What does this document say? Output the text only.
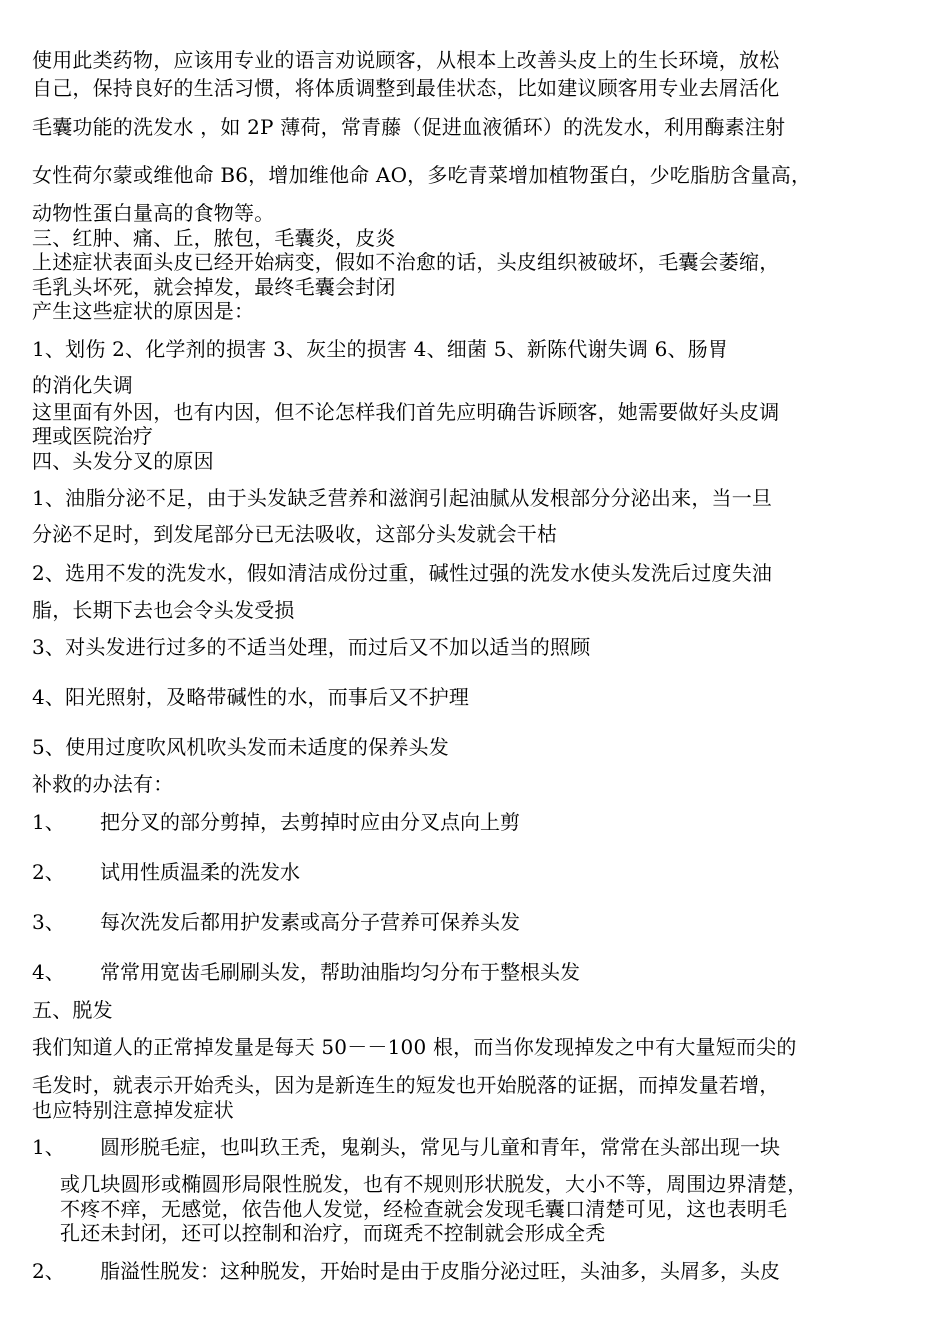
使用此类药物，应该用专业的语言劝说顾客，从根本上改善头皮上的生长环境，放松
自己，保持良好的生活习惯，将体质调整到最佳状态，比如建议顾客用专业去屑活化
毛囊功能的洗发水 ，如 2P 薄荷，常青藤（促进血液循环）的洗发水，利用酶素注射
女性荷尔蒙或维他命 B6，增加维他命 AO，多吃青菜增加植物蛋白，少吃脂肪含量高，
动物性蛋白量高的食物等。
三、红肿、痛、丘，脓包，毛囊炎，皮炎
上述症状表面头皮已经开始病变，假如不治愈的话，头皮组织被破坏，毛囊会萎缩，
毛乳头坏死，就会掉发，最终毛囊会封闭
产生这些症状的原因是：
1、划伤 2、化学剂的损害 3、灰尘的损害 4、细菌 5、新陈代谢失调 6、肠胃
的消化失调
这里面有外因，也有内因，但不论怎样我们首先应明确告诉顾客，她需要做好头皮调
理或医院治疗
四、头发分叉的原因
1、油脂分泌不足，由于头发缺乏营养和滋润引起油腻从发根部分分泌出来，当一旦
分泌不足时，到发尾部分已无法吸收，这部分头发就会干枯
2、选用不发的洗发水，假如清洁成份过重，碱性过强的洗发水使头发洗后过度失油
脂，长期下去也会令头发受损
3、对头发进行过多的不适当处理，而过后又不加以适当的照顾
4、阳光照射，及略带碱性的水，而事后又不护理
5、使用过度吹风机吹头发而未适度的保养头发
补救的办法有：
1、 把分叉的部分剪掉，去剪掉时应由分叉点向上剪
2、 试用性质温柔的洗发水
3、 每次洗发后都用护发素或高分子营养可保养头发
4、 常常用宽齿毛刷刷头发，帮助油脂均匀分布于整根头发
五、脱发
我们知道人的正常掉发量是每天 50－－100 根，而当你发现掉发之中有大量短而尖的
毛发时，就表示开始秃头，因为是新连生的短发也开始脱落的证据，而掉发量若增，
也应特别注意掉发症状
1、 圆形脱毛症，也叫玖王秃，鬼剃头，常见与儿童和青年，常常在头部出现一块
或几块圆形或椭圆形局限性脱发，也有不规则形状脱发，大小不等，周围边界清楚，
不疼不痒，无感觉，依告他人发觉，经检查就会发现毛囊口清楚可见，这也表明毛
孔还未封闭，还可以控制和治疗，而斑秃不控制就会形成全秃
2、 脂溢性脱发：这种脱发，开始时是由于皮脂分泌过旺，头油多，头屑多，头皮
